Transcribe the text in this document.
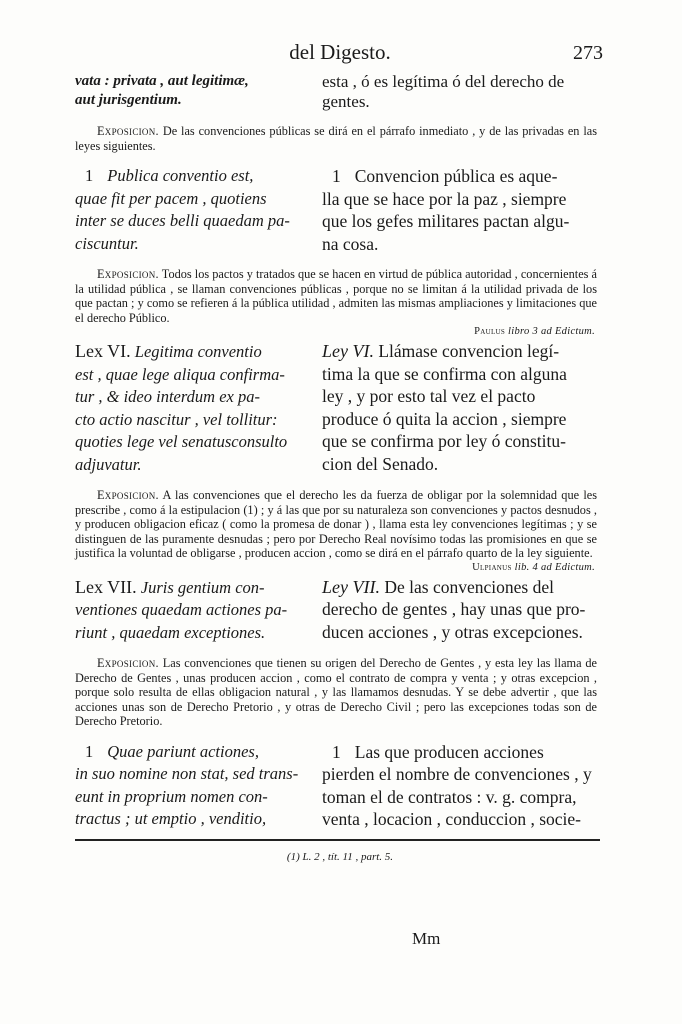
del Digesto.	273
vata : privata , aut legitimæ,
aut jurisgentium.
esta , ó es legítima ó del derecho de
gentes.

Exposicion. De las convenciones públicas se dirá en el párrafo inmediato , y de las privadas en las leyes siguientes.

1 Publica conventio est,
quae fit per pacem , quotiens
inter se duces belli quaedam pa-
ciscuntur.
1 Convencion pública es aque-
lla que se hace por la paz , siempre
que los gefes militares pactan algu-
na cosa.

Exposicion. Todos los pactos y tratados que se hacen en virtud de pública autoridad , concernientes á la utilidad pública , se llaman convenciones públicas , porque no se limitan á la utilidad privada de los que pactan ; y como se refieren á la pública utilidad , admiten las mismas ampliaciones y limitaciones que el derecho Público.

Paulus libro 3 ad Edictum.
Lex VI. Legitima conventio
est , quae lege aliqua confirma-
tur , & ideo interdum ex pa-
cto actio nascitur , vel tollitur:
quoties lege vel senatusconsulto
adjuvatur.
Ley VI. Llámase convencion legí-
tima la que se confirma con alguna
ley , y por esto tal vez el pacto
produce ó quita la accion , siempre
que se confirma por ley ó constitu-
cion del Senado.

Exposicion. A las convenciones que el derecho les da fuerza de obligar por la solemnidad que les prescribe , como á la estipulacion (1) ; y á las que por su naturaleza son convenciones y pactos desnudos , y producen obligacion eficaz ( como la promesa de donar ) , llama esta ley convenciones legítimas ; y se distinguen de las puramente desnudas ; pero por Derecho Real novísimo todas las promisiones en que se justifica la voluntad de obligarse , producen accion , como se dirá en el párrafo quarto de la ley siguiente.

Ulpianus lib. 4 ad Edictum.
Lex VII. Juris gentium con-
ventiones quaedam actiones pa-
riunt , quaedam exceptiones.
Ley VII. De las convenciones del
derecho de gentes , hay unas que pro-
ducen acciones , y otras excepciones.

Exposicion. Las convenciones que tienen su origen del Derecho de Gentes , y esta ley las llama de Derecho de Gentes , unas producen accion , como el contrato de compra y venta ; y otras excepcion , porque solo resulta de ellas obligacion natural , y las llamamos desnudas. Y se debe advertir , que las acciones unas son de Derecho Pretorio , y otras de Derecho Civil ; pero las excepciones todas son de Derecho Pretorio.

1 Quae pariunt actiones,
in suo nomine non stat, sed trans-
eunt in proprium nomen con-
tractus ; ut emptio , venditio,
1 Las que producen acciones
pierden el nombre de convenciones , y
toman el de contratos : v. g. compra,
venta , locacion , conduccion , socie-
(1) L. 2 , tít. 11 , part. 5.
Mm
